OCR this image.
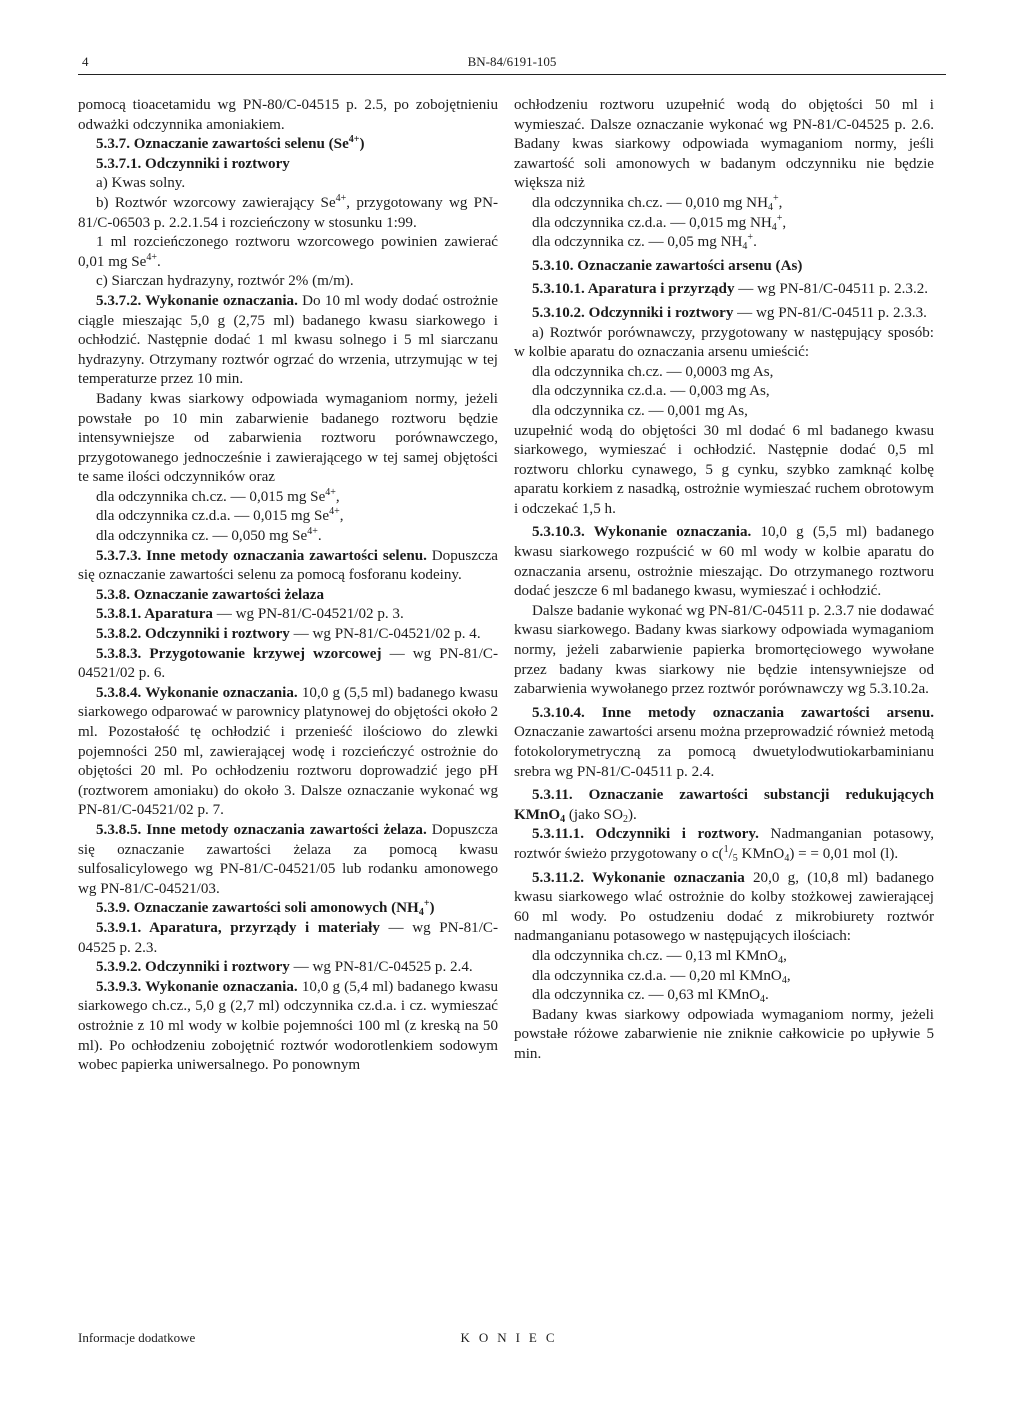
4	BN-84/6191-105

pomocą tioacetamidu wg PN-80/C-04515 p. 2.5, po zobojętnieniu odważki odczynnika amoniakiem.

5.3.7. Oznaczanie zawartości selenu $(Se^{4+})$

5.3.7.1. Odczynniki i roztwory

a) Kwas solny.

b) Roztwór wzorcowy zawierający $Se^{4+}$, przygotowany wg PN-81/C-06503 p. 2.2.1.54 i rozcieńczony w stosunku 1:99.

1 ml rozcieńczonego roztworu wzorcowego powinien zawierać 0,01 mg $Se^{4+}$.

c) Siarczan hydrazyny, roztwór 2% (m/m).

5.3.7.2. Wykonanie oznaczania. Do 10 ml wody dodać ostrożnie ciągle mieszając 5,0 g (2,75 ml) badanego kwasu siarkowego i ochłodzić. Następnie dodać 1 ml kwasu solnego i 5 ml siarczanu hydrazyny. Otrzymany roztwór ogrzać do wrzenia, utrzymując w tej temperaturze przez 10 min.

Badany kwas siarkowy odpowiada wymaganiom normy, jeżeli powstałe po 10 min zabarwienie badanego roztworu będzie intensywniejsze od zabarwienia roztworu porównawczego, przygotowanego jednocześnie i zawierającego w tej samej objętości te same ilości odczynników oraz

dla odczynnika ch.cz. — 0,015 mg $Se^{4+}$,

dla odczynnika cz.d.a. — 0,015 mg $Se^{4+}$,

dla odczynnika cz. — 0,050 mg $Se^{4+}$.

5.3.7.3. Inne metody oznaczania zawartości selenu. Dopuszcza się oznaczanie zawartości selenu za pomocą fosforanu kodeiny.

5.3.8. Oznaczanie zawartości żelaza

5.3.8.1. Aparatura — wg PN-81/C-04521/02 p. 3.

5.3.8.2. Odczynniki i roztwory — wg PN-81/C-04521/02 p. 4.

5.3.8.3. Przygotowanie krzywej wzorcowej — wg PN-81/C-04521/02 p. 6.

5.3.8.4. Wykonanie oznaczania. 10,0 g (5,5 ml) badanego kwasu siarkowego odparować w parownicy platynowej do objętości około 2 ml. Pozostałość tę ochłodzić i przenieść ilościowo do zlewki pojemności 250 ml, zawierającej wodę i rozcieńczyć ostrożnie do objętości 20 ml. Po ochłodzeniu roztworu doprowadzić jego pH (roztworem amoniaku) do około 3. Dalsze oznaczanie wykonać wg PN-81/C-04521/02 p. 7.

5.3.8.5. Inne metody oznaczania zawartości żelaza. Dopuszcza się oznaczanie zawartości żelaza za pomocą kwasu sulfosalicylowego wg PN-81/C-04521/05 lub rodanku amonowego wg PN-81/C-04521/03.

5.3.9. Oznaczanie zawartości soli amonowych $(NH_4^+)$

5.3.9.1. Aparatura, przyrządy i materiały — wg PN-81/C-04525 p. 2.3.

5.3.9.2. Odczynniki i roztwory — wg PN-81/C-04525 p. 2.4.

5.3.9.3. Wykonanie oznaczania. 10,0 g (5,4 ml) badanego kwasu siarkowego ch.cz., 5,0 g (2,7 ml) odczynnika cz.d.a. i cz. wymieszać ostrożnie z 10 ml wody w kolbie pojemności 100 ml (z kreską na 50 ml). Po ochłodzeniu zobojętnić roztwór wodorotlenkiem sodowym wobec papierka uniwersalnego. Po ponownym

ochłodzeniu roztworu uzupełnić wodą do objętości 50 ml i wymieszać. Dalsze oznaczanie wykonać wg PN-81/C-04525 p. 2.6. Badany kwas siarkowy odpowiada wymaganiom normy, jeśli zawartość soli amonowych w badanym odczynniku nie będzie większa niż

dla odczynnika ch.cz. — 0,010 mg $NH_4^+$,

dla odczynnika cz.d.a. — 0,015 mg $NH_4^+$,

dla odczynnika cz. — 0,05 mg $NH_4^+$.

5.3.10. Oznaczanie zawartości arsenu (As)

5.3.10.1. Aparatura i przyrządy — wg PN-81/C-04511 p. 2.3.2.

5.3.10.2. Odczynniki i roztwory — wg PN-81/C-04511 p. 2.3.3.

a) Roztwór porównawczy, przygotowany w następujący sposób: w kolbie aparatu do oznaczania arsenu umieścić:

dla odczynnika ch.cz. — 0,0003 mg As,

dla odczynnika cz.d.a. — 0,003 mg As,

dla odczynnika cz. — 0,001 mg As,

uzupełnić wodą do objętości 30 ml dodać 6 ml badanego kwasu siarkowego, wymieszać i ochłodzić. Następnie dodać 0,5 ml roztworu chlorku cynawego, 5 g cynku, szybko zamknąć kolbę aparatu korkiem z nasadką, ostrożnie wymieszać ruchem obrotowym i odczekać 1,5 h.

5.3.10.3. Wykonanie oznaczania. 10,0 g (5,5 ml) badanego kwasu siarkowego rozpuścić w 60 ml wody w kolbie aparatu do oznaczania arsenu, ostrożnie mieszając. Do otrzymanego roztworu dodać jeszcze 6 ml badanego kwasu, wymieszać i ochłodzić.

Dalsze badanie wykonać wg PN-81/C-04511 p. 2.3.7 nie dodawać kwasu siarkowego. Badany kwas siarkowy odpowiada wymaganiom normy, jeżeli zabarwienie papierka bromortęciowego wywołane przez badany kwas siarkowy nie będzie intensywniejsze od zabarwienia wywołanego przez roztwór porównawczy wg 5.3.10.2a.

5.3.10.4. Inne metody oznaczania zawartości arsenu. Oznaczanie zawartości arsenu można przeprowadzić również metodą fotokolorymetryczną za pomocą dwuetylodwutiokarbaminianu srebra wg PN-81/C-04511 p. 2.4.

5.3.11. Oznaczanie zawartości substancji redukujących KMnO$_4$ (jako $SO_2$).

5.3.11.1. Odczynniki i roztwory. Nadmanganian potasowy, roztwór świeżo przygotowany o $c(^1/_5$ KMnO$_4$) = = 0,01 mol (l).

5.3.11.2. Wykonanie oznaczania 20,0 g, (10,8 ml) badanego kwasu siarkowego wlać ostrożnie do kolby stożkowej zawierającej 60 ml wody. Po ostudzeniu dodać z mikrobiurety roztwór nadmanganianu potasowego w następujących ilościach:

dla odczynnika ch.cz. — 0,13 ml KMnO$_4$,

dla odczynnika cz.d.a. — 0,20 ml KMnO$_4$,

dla odczynnika cz. — 0,63 ml KMnO$_4$.

Badany kwas siarkowy odpowiada wymaganiom normy, jeżeli powstałe różowe zabarwienie nie zniknie całkowicie po upływie 5 min.

Informacje dodatkowe	KONIEC
